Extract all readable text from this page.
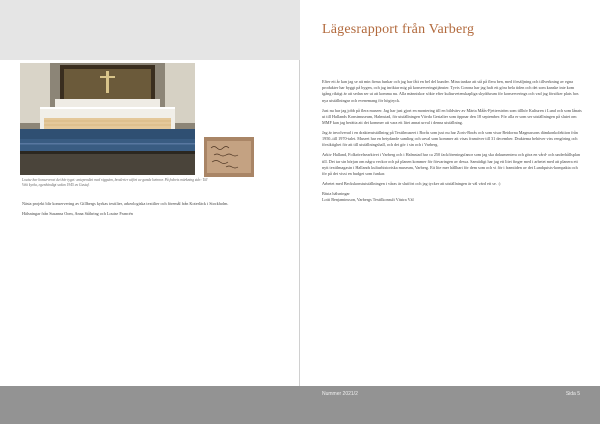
Louise har konserverat det här tyg​et: antependiet med riggsäm, broderier utfört av gamla kvinnor. På fodrets märkning står: Till Veki kyrka, egenhändigt sedan 1945 av Gustaf.

Nästa projekt blir konservering av Gillbergs kyrkas textilier, arkeologiska textilier och föremål från Koterläck i Stockholm.

Hälsningar från Susanna Oom, Anna Ståhring och Louise Francén

Lägesrapport från Varberg

Efter ett år kan jag se att min firma funkar och jag har fått en bel del kunder. Mina tankar att stå på flera ben, med försäljning och tillverkning av egna produkter har byggt på bygen, och jag inriktar mig på konserveringstjänster. Tyvis Corona har jag haft ett göra bela tiden och det som kanske inte kom igång riktigt är att sedan ser ut att komma nu. Alla människor sökte efter kulturvetenskapliga skyddsrum för konserverings och vad jag försöker plats hos nya utställningar och evenemang för högtryck.

Just nu har jag jobb på flera museer. Jag har just gjort en montering till en bildvärv av Märta Måås-Fjetterström som tillhör Kulturen i Lund och som lånats ut till Hallands Konstmuseum, Halmstad, för utställningen Vävda Gestalter som öppnar den 18 september. För alla er som ser utställningen på slutet om MMF kan jag berätta att det kommer att vara ett litet annat urval i denna utställning.

Jag är involverad i en drakterutställning på Textilmuseet i Borås som just nu har Zoris-Borås och som visar Beidorna Magnussons dämkonkolektion från 1950–till 1970-talet. Museet har en betydande samling och urval som kommer att visas framöver till 31 december. Draktema behöver viss rengöring och försiktighet för att till utställningshall, och det gör i sin och i Varberg.

Arkiv Halland, Folkrörelsearkivet i Varberg och i Halmstad har ca 250 fackföreningsfanor som jag ska dokumentera och göra en vård- och underhållsplan till. Det tar sin början om några veckor och på planen kommer för förvaringen av dessa. Samtidigt har jag ett litet finger med i arbetet med att planera ett nytt textilmagasin i Hallands kulturhistoriska museum, Varberg. Ett lite mer hållbart för dem som och vi för i framtiden av det Lundquists-kompakta och för på det visst en budget som funkar.

Arbetet med Beckskonstutställningen i våras är slutfört och jag tycker att utställningen är väl värd ett se. :)

Bästa hälsningar
Lotti Benjaminsson, Varbergs Textilkonsult Västra Väl

Nummer 2021/2	Sida 5
